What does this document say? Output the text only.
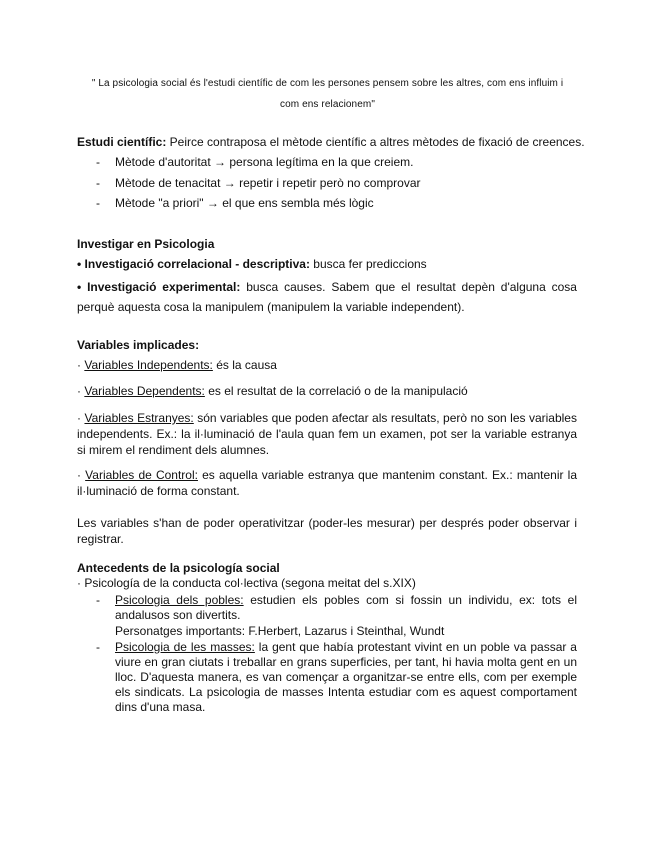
" La psicologia social és l'estudi científic de com les persones pensem sobre les altres, com ens influim i
com ens relacionem"
Estudi científic: Peirce contraposa el mètode científic a altres mètodes de fixació de creences.
- Mètode d'autoritat → persona legítima en la que creiem.
- Mètode de tenacitat → repetir i repetir però no comprovar
- Mètode "a priori" → el que ens sembla més lògic
Investigar en Psicologia
• Investigació correlacional - descriptiva: busca fer prediccions
• Investigació experimental: busca causes. Sabem que el resultat depèn d'alguna cosa perquè aquesta cosa la manipulem (manipulem la variable independent).
Variables implicades:
· Variables Independents: és la causa
· Variables Dependents: es el resultat de la correlació o de la manipulació
· Variables Estranyes: són variables que poden afectar als resultats, però no son les variables independents. Ex.: la il·luminació de l'aula quan fem un examen, pot ser la variable estranya si mirem el rendiment dels alumnes.
· Variables de Control: es aquella variable estranya que mantenim constant. Ex.: mantenir la il·luminació de forma constant.
Les variables s'han de poder operativitzar (poder-les mesurar) per després poder observar i registrar.
Antecedents de la psicología social
· Psicología de la conducta col·lectiva (segona meitat del s.XIX)
- Psicologia dels pobles: estudien els pobles com si fossin un individu, ex: tots el andalusos son divertits.
Personatges importants: F.Herbert, Lazarus i Steinthal, Wundt
- Psicologia de les masses: la gent que había protestant vivint en un poble va passar a viure en gran ciutats i treballar en grans superficies, per tant, hi havia molta gent en un lloc. D'aquesta manera, es van començar a organitzar-se entre ells, com per exemple els sindicats. La psicologia de masses Intenta estudiar com es aquest comportament dins d'una masa.
